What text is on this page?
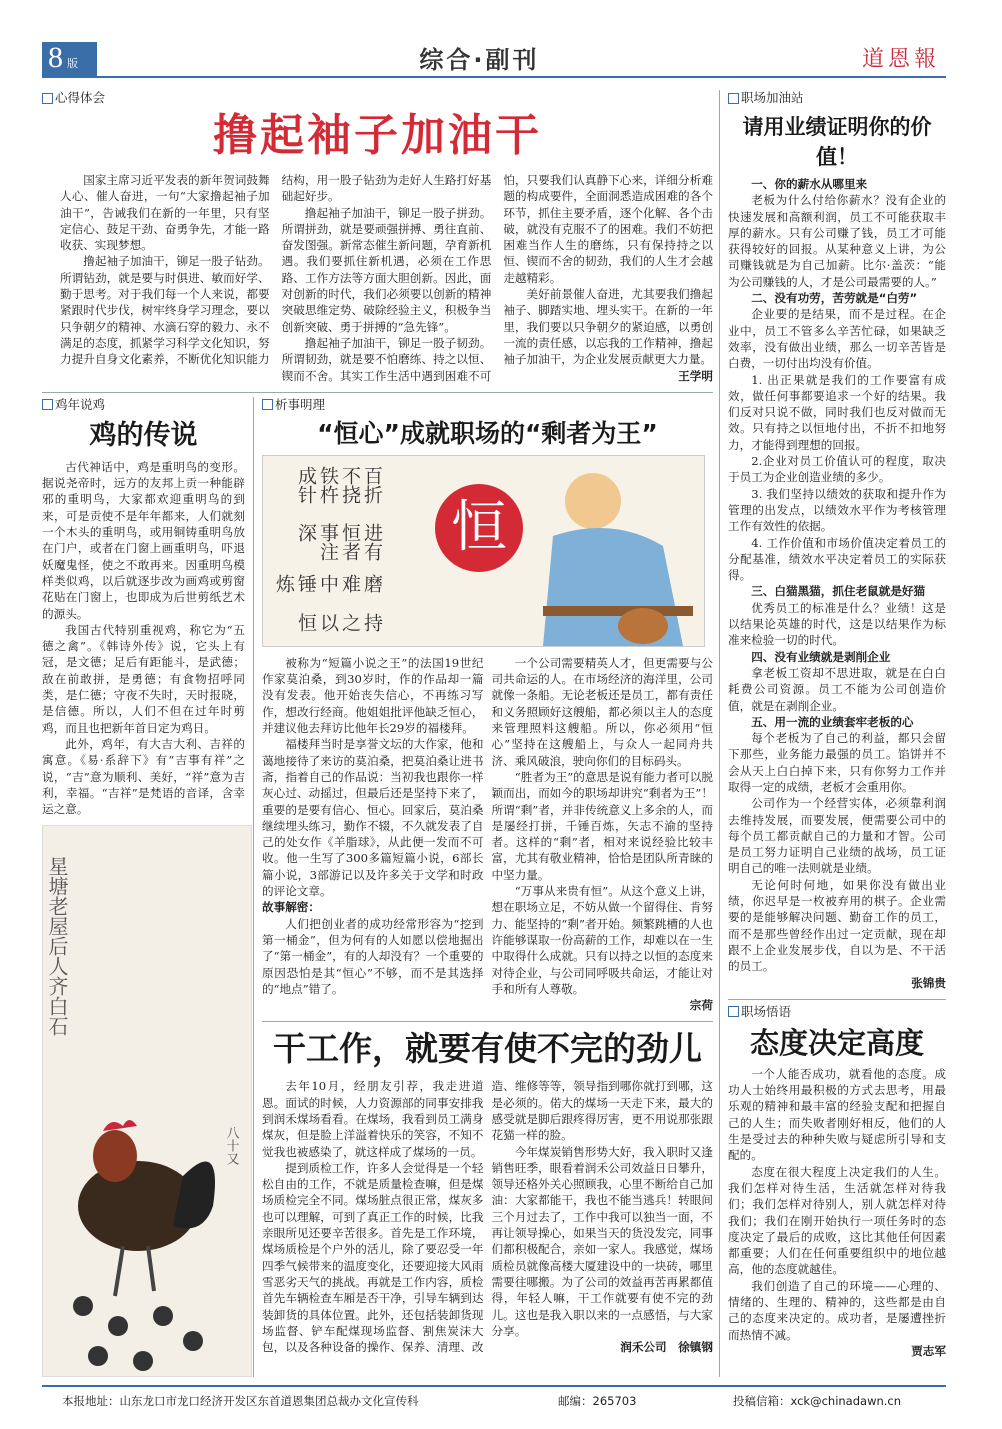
8 版	综合·副刊	道恩報
心得体会
撸起袖子加油干

国家主席习近平发表的新年贺词鼓舞人心、催人奋进，一句“大家撸起袖子加油干”，告诫我们在新的一年里，只有坚定信心、鼓足干劲、奋勇争先，才能一路收获、实现梦想。

撸起袖子加油干，铆足一股子钻劲。所谓钻劲，就是要与时俱进、敏而好学、勤于思考。对于我们每一个人来说，都要紧跟时代步伐，树牢终身学习理念，要以只争朝夕的精神、水滴石穿的毅力、永不满足的态度，抓紧学习科学文化知识，努力提升自身文化素养，不断优化知识能力结构，用一股子钻劲为走好人生路打好基础起好步。

撸起袖子加油干，铆足一股子拼劲。所谓拼劲，就是要顽强拼搏、勇往直前、奋发图强。新常态催生新问题，孕育新机遇。我们要抓住新机遇，必须在工作思路、工作方法等方面大胆创新。因此，面对创新的时代，我们必须要以创新的精神突破思维定势、破除经验主义，积极争当创新突破、勇于拼搏的“急先锋”。

撸起袖子加油干，铆足一股子韧劲。所谓韧劲，就是要不怕磨练、持之以恒、锲而不舍。其实工作生活中遇到困难不可怕，只要我们认真静下心来，详细分析难题的构成要件，全面洞悉造成困难的各个环节，抓住主要矛盾，逐个化解、各个击破，就没有克服不了的困难。我们不妨把困难当作人生的磨练，只有保持持之以恒、锲而不舍的韧劲，我们的人生才会越走越精彩。

美好前景催人奋进，尤其要我们撸起袖子、脚踏实地、埋头实干。在新的一年里，我们要以只争朝夕的紧迫感，以勇创一流的责任感，以忘我的工作精神，撸起袖子加油干，为企业发展贡献更大力量。

王学明

鸡年说鸡
鸡的传说

古代神话中，鸡是重明鸟的变形。据说尧帝时，远方的友邦上贡一种能辟邪的重明鸟，大家都欢迎重明鸟的到来，可是贡使不是年年都来，人们就刻一个木头的重明鸟，或用铜铸重明鸟放在门户，或者在门窗上画重明鸟，吓退妖魔鬼怪，使之不敢再来。因重明鸟模样类似鸡，以后就逐步改为画鸡或剪窗花贴在门窗上，也即成为后世剪纸艺术的源头。

我国古代特别重视鸡，称它为“五德之禽”。《韩诗外传》说，它头上有冠，是文德；足后有距能斗，是武德；敌在前敢拼，是勇德；有食物招呼同类，是仁德；守夜不失时，天时报晓，是信德。所以，人们不但在过年时剪鸡，而且也把新年首日定为鸡日。

此外，鸡年，有大吉大利、吉祥的寓意。《易·系辞下》有“吉事有祥”之说，“吉”意为顺利、美好，“祥”意为吉利，幸福。“吉祥”是梵语的音译，含幸运之意。

星塘老屋后人齐白石
八十又
析事明理
“恒心”成就职场的“剩者为王”
持之以恒
磨难中锤炼
进有恒者事注深
百折不挠铁杵成针
恒

被称为“短篇小说之王”的法国19世纪作家莫泊桑，到30岁时，作的作品却一篇没有发表。他开始丧失信心，不再练习写作，想改行经商。他姐姐批评他缺乏恒心，并建议他去拜访比他年长29岁的福楼拜。

福楼拜当时是享誉文坛的大作家，他和蔼地接待了来访的莫泊桑，把莫泊桑让进书斋，指着自己的作品说：当初我也跟你一样灰心过、动摇过，但最后还是坚持下来了，重要的是要有信心、恒心。回家后，莫泊桑继续埋头练习，勤作不辍，不久就发表了自己的处女作《羊脂球》，从此便一发而不可收。他一生写了300多篇短篇小说，6部长篇小说，3部游记以及许多关于文学和时政的评论文章。

故事解密：

人们把创业者的成功经常形容为“挖到第一桶金”，但为何有的人如愿以偿地掘出了“第一桶金”，有的人却没有？一个重要的原因恐怕是其“恒心”不够，而不是其选择的“地点”错了。

一个公司需要精英人才，但更需要与公司共命运的人。在市场经济的海洋里，公司就像一条船。无论老板还是员工，都有责任和义务照顾好这艘船，都必须以主人的态度来管理照料这艘船。所以，你必须用“恒心”坚持在这艘船上，与众人一起同舟共济、乘风破浪，驶向你们的目标码头。

“胜者为王”的意思是说有能力者可以脱颖而出，而如今的职场却讲究“剩者为王”！所谓“剩”者，并非传统意义上多余的人，而是屡经打拼，千锤百炼，矢志不渝的坚持者。这样的“剩”者，相对来说经验比较丰富，尤其有敬业精神，恰恰是团队所青睐的中坚力量。

“万事从来贵有恒”。从这个意义上讲，想在职场立足，不妨从做一个留得住、肯努力、能坚持的“剩”者开始。频繁跳槽的人也许能够谋取一份高薪的工作，却难以在一生中取得什么成就。只有以持之以恒的态度来对待企业，与公司同呼吸共命运，才能让对手和所有人尊敬。

宗荷

干工作，就要有使不完的劲儿

去年10月，经朋友引荐，我走进道恩。面试的时候，人力资源部的同事安排我到润禾煤场看看。在煤场，我看到员工满身煤灰，但是脸上洋溢着快乐的笑容，不知不觉我也被感染了，就这样成了煤场的一员。

提到质检工作，许多人会觉得是一个轻松自由的工作，不就是质量检查嘛，但是煤场质检完全不同。煤场脏点很正常，煤灰多也可以理解，可到了真正工作的时候，比我亲眼所见还要辛苦很多。首先是工作环境，煤场质检是个户外的活儿，除了要忍受一年四季气候带来的温度变化，还要迎接大风雨雪恶劣天气的挑战。再就是工作内容，质检首先车辆检查车厢是否干净，引导车辆到达装卸货的具体位置。此外，还包括装卸货现场监督、铲车配煤现场监督、割焦炭沫大包，以及各种设备的操作、保养、清理、改造、维修等等，领导指到哪你就打到哪，这是必须的。偌大的煤场一天走下来，最大的感受就是脚后跟疼得厉害，更不用说那张跟花猫一样的脸。

今年煤炭销售形势大好，我入职时又逢销售旺季，眼看着润禾公司效益日日攀升，领导还格外关心照顾我，心里不断给自己加油：大家都能干，我也不能当逃兵！转眼间三个月过去了，工作中我可以独当一面，不再让领导操心，如果当天的货没发完，同事们都积极配合，亲如一家人。我感觉，煤场质检员就像高楼大厦建设中的一块砖，哪里需要往哪搬。为了公司的效益再苦再累都值得，年轻人嘛，干工作就要有使不完的劲儿。这也是我入职以来的一点感悟，与大家分享。

润禾公司　徐镇钢

职场加油站
请用业绩证明你的价值！

一、你的薪水从哪里来

老板为什么付给你薪水？没有企业的快速发展和高额利润，员工不可能获取丰厚的薪水。只有公司赚了钱，员工才可能获得较好的回报。从某种意义上讲，为公司赚钱就是为自己加薪。比尔·盖茨：“能为公司赚钱的人，才是公司最需要的人。”

二、没有功劳，苦劳就是“白劳”

企业要的是结果，而不是过程。在企业中，员工不管多么辛苦忙碌，如果缺乏效率，没有做出业绩，那么一切辛苦皆是白费，一切付出均没有价值。

1. 出正果就是我们的工作要富有成效，做任何事都要追求一个好的结果。我们反对只说不做，同时我们也反对做而无效。只有持之以恒地付出，不折不扣地努力，才能得到理想的回报。

2.企业对员工价值认可的程度，取决于员工为企业创造业绩的多少。

3. 我们坚持以绩效的获取和提升作为管理的出发点，以绩效水平作为考核管理工作有效性的依据。

4. 工作价值和市场价值决定着员工的分配基准，绩效水平决定着员工的实际获得。

三、白猫黑猫，抓住老鼠就是好猫

优秀员工的标准是什么？业绩！这是以结果论英雄的时代，这是以结果作为标准来检验一切的时代。

四、没有业绩就是剥削企业

拿老板工资却不思进取，就是在白白耗费公司资源。员工不能为公司创造价值，就是在剥削企业。

五、用一流的业绩套牢老板的心

每个老板为了自己的利益，都只会留下那些，业务能力最强的员工。馅饼并不会从天上白白掉下来，只有你努力工作并取得一定的成绩，老板才会重用你。

公司作为一个经营实体，必须靠利润去维持发展，而要发展，便需要公司中的每个员工都贡献自己的力量和才智。公司是员工努力证明自己业绩的战场，员工证明自己的唯一法则就是业绩。

无论何时何地，如果你没有做出业绩，你迟早是一枚被弃用的棋子。企业需要的是能够解决问题、勤奋工作的员工，而不是那些曾经作出过一定贡献，现在却跟不上企业发展步伐，自以为是、不干活的员工。

张锦贵

职场悟语
态度决定高度

一个人能否成功，就看他的态度。成功人士始终用最积极的方式去思考，用最乐观的精神和最丰富的经验支配和把握自己的人生；而失败者刚好相反，他们的人生是受过去的种种失败与疑虑所引导和支配的。

态度在很大程度上决定我们的人生。我们怎样对待生活，生活就怎样对待我们；我们怎样对待别人，别人就怎样对待我们；我们在刚开始执行一项任务时的态度决定了最后的成败，这比其他任何因素都重要；人们在任何重要组织中的地位越高，他的态度就越佳。

我们创造了自己的环境——心理的、情绪的、生理的、精神的，这些都是由自己的态度来决定的。成功者，是屡遭挫折而热情不减。

贾志军

本报地址：山东龙口市龙口经济开发区东首道恩集团总裁办文化宣传科	邮编：265703	投稿信箱：xck@chinadawn.cn
